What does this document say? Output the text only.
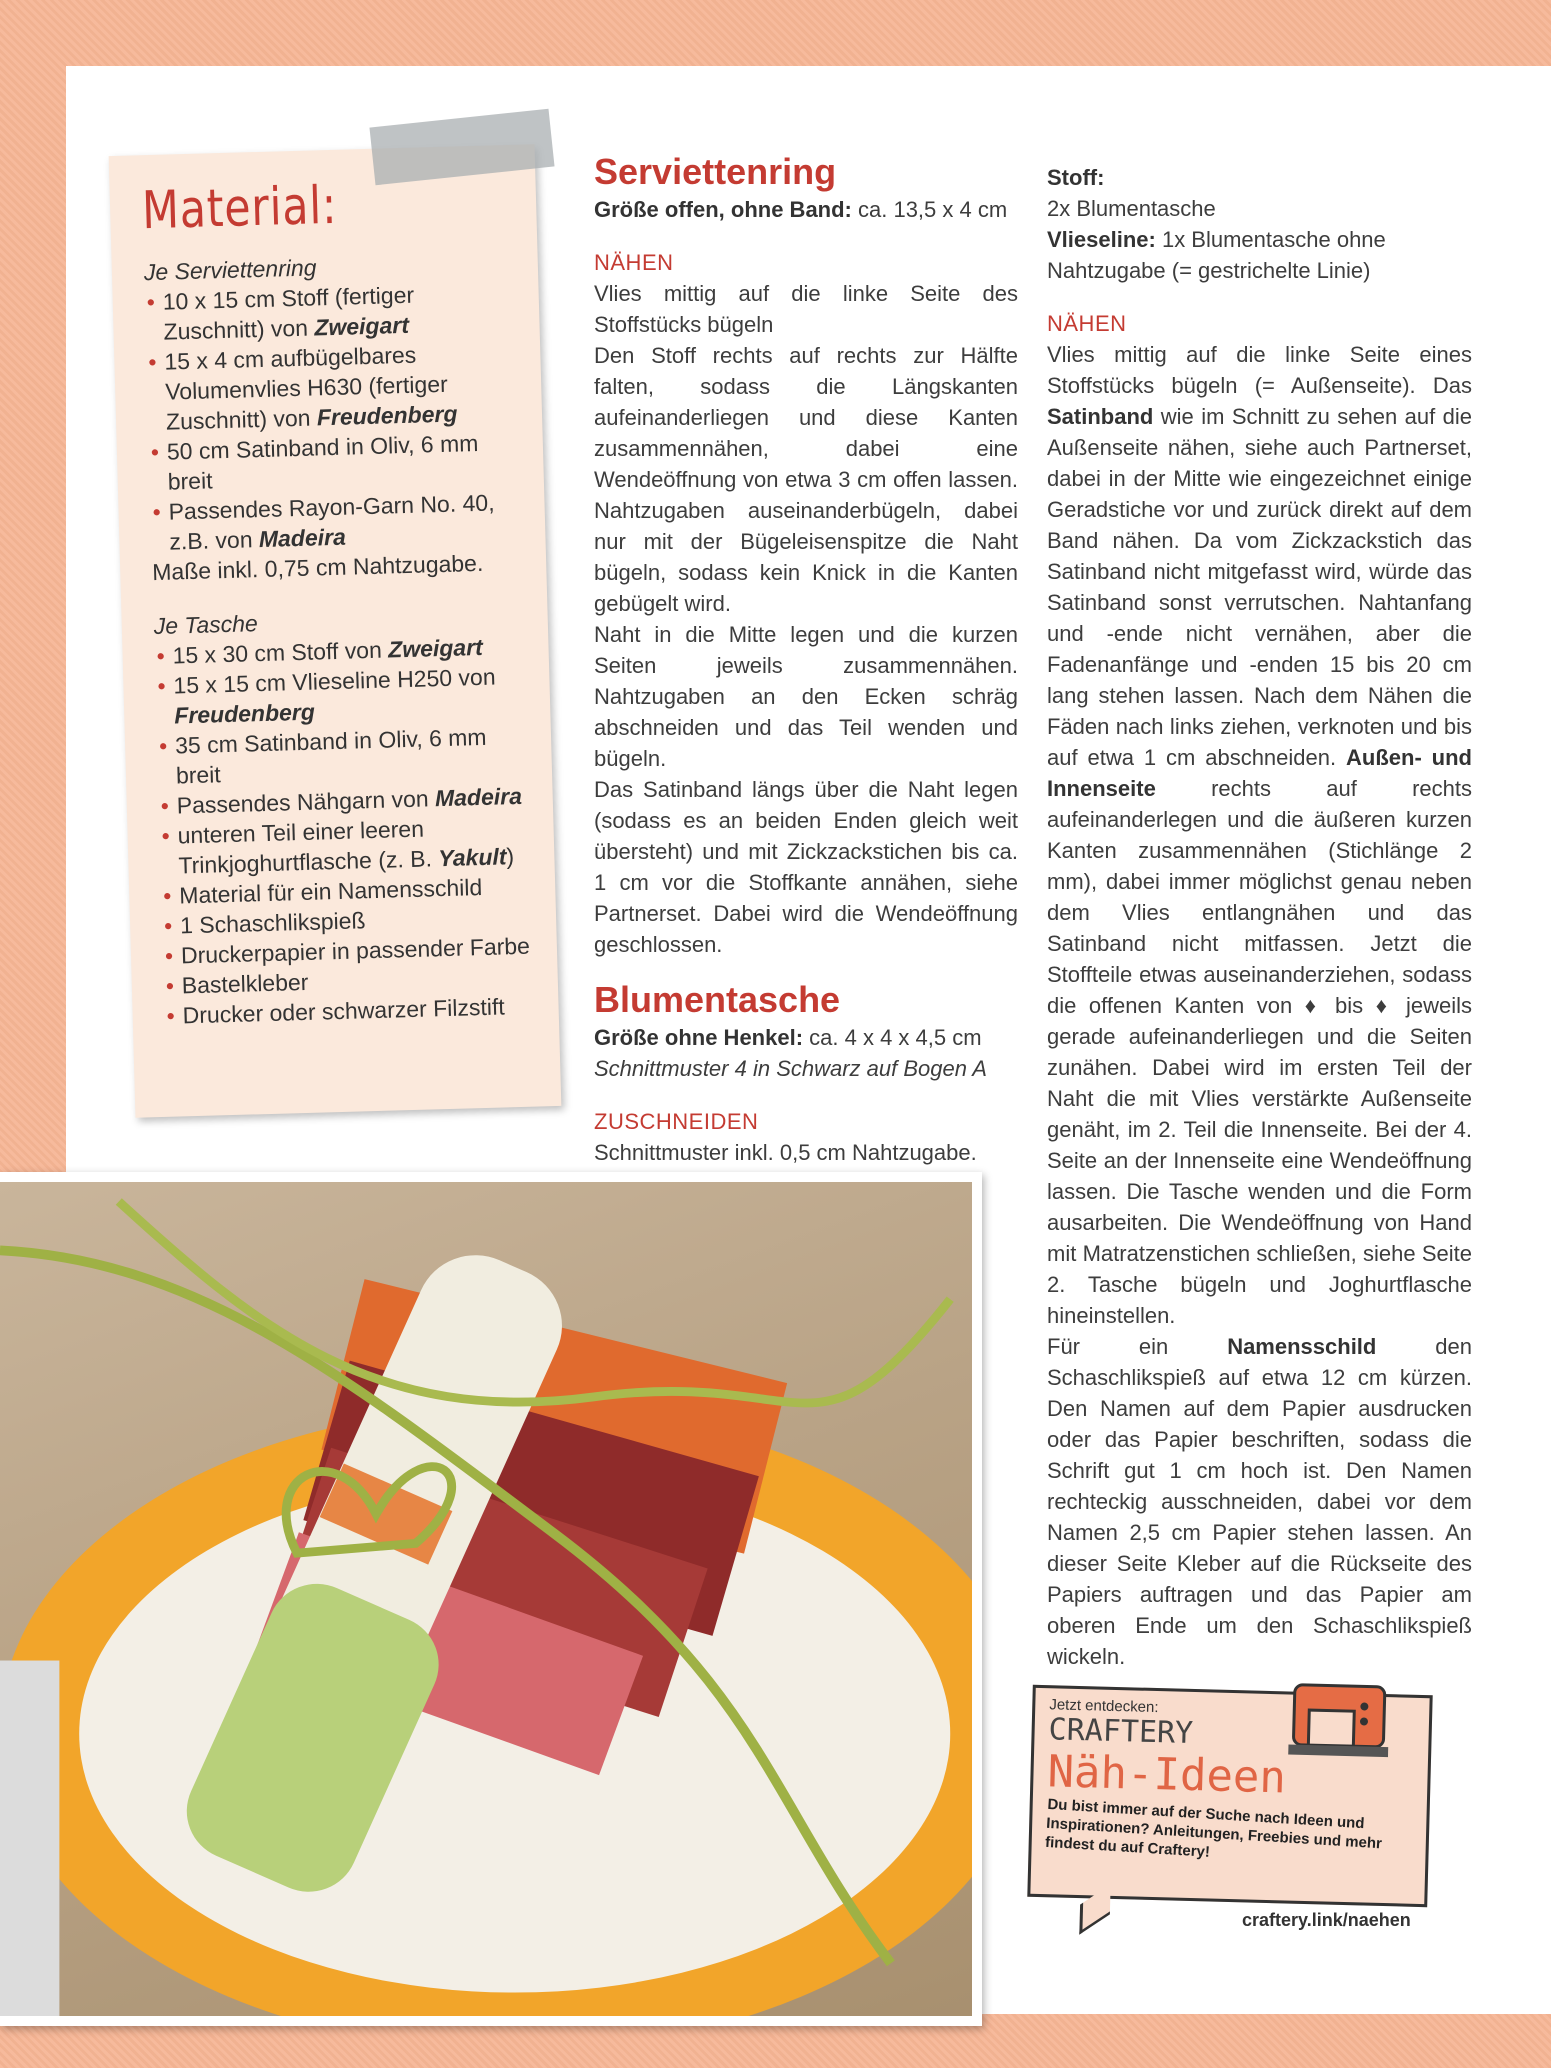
Material:
Je Serviettenring
• 10 x 15 cm Stoff (fertiger Zuschnitt) von Zweigart
• 15 x 4 cm aufbügelbares Volumenvlies H630 (fertiger Zuschnitt) von Freudenberg
• 50 cm Satinband in Oliv, 6 mm breit
• Passendes Rayon-Garn No. 40, z.B. von Madeira
Maße inkl. 0,75 cm Nahtzugabe.
Je Tasche
• 15 x 30 cm Stoff von Zweigart
• 15 x 15 cm Vlieseline H250 von Freudenberg
• 35 cm Satinband in Oliv, 6 mm breit
• Passendes Nähgarn von Madeira
• unteren Teil einer leeren Trinkjoghurtflasche (z. B. Yakult)
• Material für ein Namensschild
• 1 Schaschlikspieß
• Druckerpapier in passender Farbe
• Bastelkleber
• Drucker oder schwarzer Filzstift
Serviettenring
Größe offen, ohne Band: ca. 13,5 x 4 cm
NÄHEN

Vlies mittig auf die linke Seite des Stoffstücks bügeln

Den Stoff rechts auf rechts zur Hälfte falten, sodass die Längskanten aufeinanderliegen und diese Kanten zusammennähen, dabei eine Wendeöffnung von etwa 3 cm offen lassen. Nahtzugaben auseinanderbügeln, dabei nur mit der Bügeleisenspitze die Naht bügeln, sodass kein Knick in die Kanten gebügelt wird.

Naht in die Mitte legen und die kurzen Seiten jeweils zusammennähen. Nahtzugaben an den Ecken schräg abschneiden und das Teil wenden und bügeln.

Das Satinband längs über die Naht legen (sodass es an beiden Enden gleich weit übersteht) und mit Zickzackstichen bis ca. 1 cm vor die Stoffkante annähen, siehe Partnerset. Dabei wird die Wendeöffnung geschlossen.

Blumentasche
Größe ohne Henkel: ca. 4 x 4 x 4,5 cm
Schnittmuster 4 in Schwarz auf Bogen A
ZUSCHNEIDEN
Schnittmuster inkl. 0,5 cm Nahtzugabe.
Stoff:
2x Blumentasche
Vlieseline: 1x Blumentasche ohne Nahtzugabe (= gestrichelte Linie)
NÄHEN

Vlies mittig auf die linke Seite eines Stoffstücks bügeln (= Außenseite). Das Satinband wie im Schnitt zu sehen auf die Außenseite nähen, siehe auch Partnerset, dabei in der Mitte wie eingezeichnet einige Geradstiche vor und zurück direkt auf dem Band nähen. Da vom Zickzackstich das Satinband nicht mitgefasst wird, würde das Satinband sonst verrutschen. Nahtanfang und -ende nicht vernähen, aber die Fadenanfänge und -enden 15 bis 20 cm lang stehen lassen. Nach dem Nähen die Fäden nach links ziehen, verknoten und bis auf etwa 1 cm abschneiden. Außen- und Innenseite rechts auf rechts aufeinanderlegen und die äußeren kurzen Kanten zusammennähen (Stichlänge 2 mm), dabei immer möglichst genau neben dem Vlies entlangnähen und das Satinband nicht mitfassen. Jetzt die Stoffteile etwas auseinanderziehen, sodass die offenen Kanten von ♦ bis ♦ jeweils gerade aufeinanderliegen und die Seiten zunähen. Dabei wird im ersten Teil der Naht die mit Vlies verstärkte Außenseite genäht, im 2. Teil die Innenseite. Bei der 4. Seite an der Innenseite eine Wendeöffnung lassen. Die Tasche wenden und die Form ausarbeiten. Die Wendeöffnung von Hand mit Matratzenstichen schließen, siehe Seite 2. Tasche bügeln und Joghurtflasche hineinstellen.

Für ein Namensschild den Schaschlikspieß auf etwa 12 cm kürzen. Den Namen auf dem Papier ausdrucken oder das Papier beschriften, sodass die Schrift gut 1 cm hoch ist. Den Namen rechteckig ausschneiden, dabei vor dem Namen 2,5 cm Papier stehen lassen. An dieser Seite Kleber auf die Rückseite des Papiers auftragen und das Papier am oberen Ende um den Schaschlikspieß wickeln.

Jetzt entdecken:
CRAFTERY
Näh-Ideen
Du bist immer auf der Suche nach Ideen und Inspirationen? Anleitungen, Freebies und mehr findest du auf Craftery!
craftery.link/naehen
